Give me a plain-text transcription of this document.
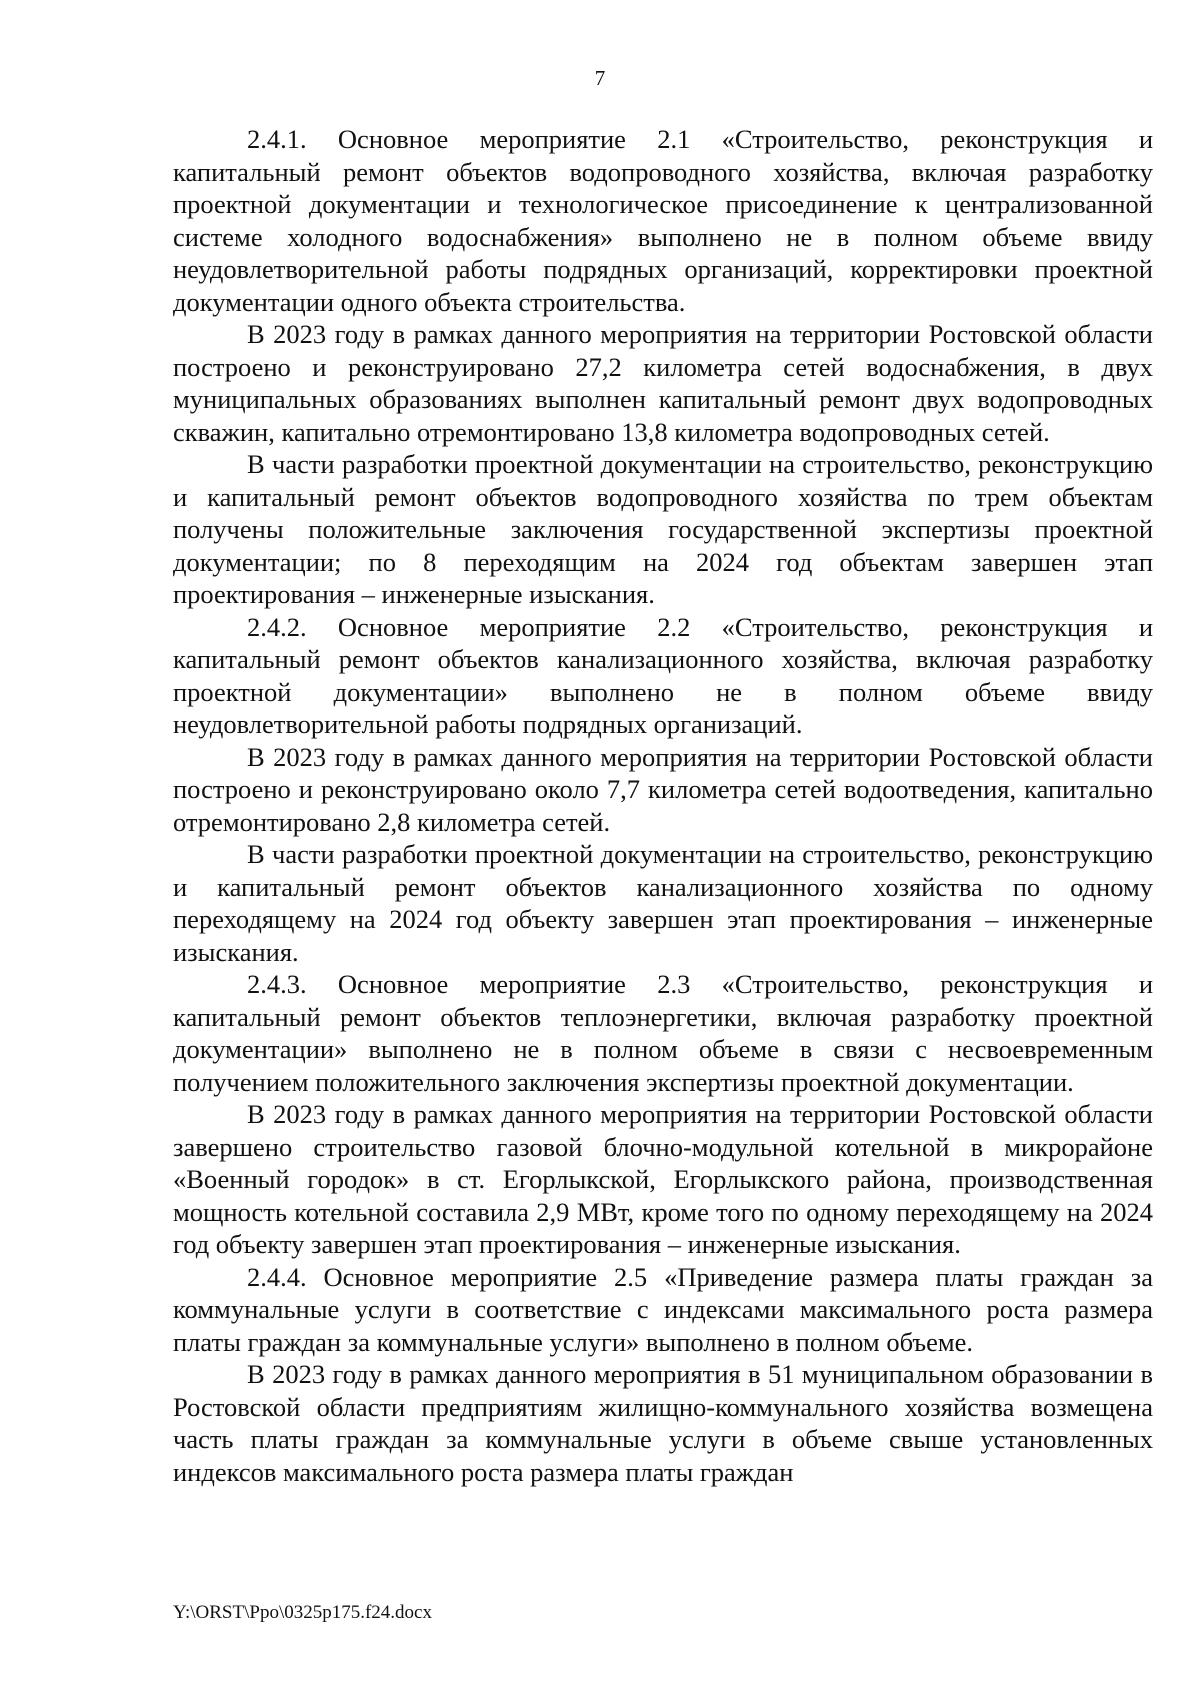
7

2.4.1. Основное мероприятие 2.1 «Строительство, реконструкция и капитальный ремонт объектов водопроводного хозяйства, включая разработку проектной документации и технологическое присоединение к централизованной системе холодного водоснабжения» выполнено не в полном объеме ввиду неудовлетворительной работы подрядных организаций, корректировки проектной документации одного объекта строительства.

В 2023 году в рамках данного мероприятия на территории Ростовской области построено и реконструировано 27,2 километра сетей водоснабжения, в двух муниципальных образованиях выполнен капитальный ремонт двух водопроводных скважин, капитально отремонтировано 13,8 километра водопроводных сетей.

В части разработки проектной документации на строительство, реконструкцию и капитальный ремонт объектов водопроводного хозяйства по трем объектам получены положительные заключения государственной экспертизы проектной документации; по 8 переходящим на 2024 год объектам завершен этап проектирования – инженерные изыскания.

2.4.2. Основное мероприятие 2.2 «Строительство, реконструкция и капитальный ремонт объектов канализационного хозяйства, включая разработку проектной документации» выполнено не в полном объеме ввиду неудовлетворительной работы подрядных организаций.

В 2023 году в рамках данного мероприятия на территории Ростовской области построено и реконструировано около 7,7 километра сетей водоотведения, капитально отремонтировано 2,8 километра сетей.

В части разработки проектной документации на строительство, реконструкцию и капитальный ремонт объектов канализационного хозяйства по одному переходящему на 2024 год объекту завершен этап проектирования – инженерные изыскания.

2.4.3. Основное мероприятие 2.3 «Строительство, реконструкция и капитальный ремонт объектов теплоэнергетики, включая разработку проектной документации» выполнено не в полном объеме в связи с несвоевременным получением положительного заключения экспертизы проектной документации.

В 2023 году в рамках данного мероприятия на территории Ростовской области завершено строительство газовой блочно-модульной котельной в микрорайоне «Военный городок» в ст. Егорлыкской, Егорлыкского района, производственная мощность котельной составила 2,9 МВт, кроме того по одному переходящему на 2024 год объекту завершен этап проектирования – инженерные изыскания.

2.4.4. Основное мероприятие 2.5 «Приведение размера платы граждан за коммунальные услуги в соответствие с индексами максимального роста размера платы граждан за коммунальные услуги» выполнено в полном объеме.

В 2023 году в рамках данного мероприятия в 51 муниципальном образовании в Ростовской области предприятиям жилищно-коммунального хозяйства возмещена часть платы граждан за коммунальные услуги в объеме свыше установленных индексов максимального роста размера платы граждан

Y:\ORST\Ppo\0325p175.f24.docx
